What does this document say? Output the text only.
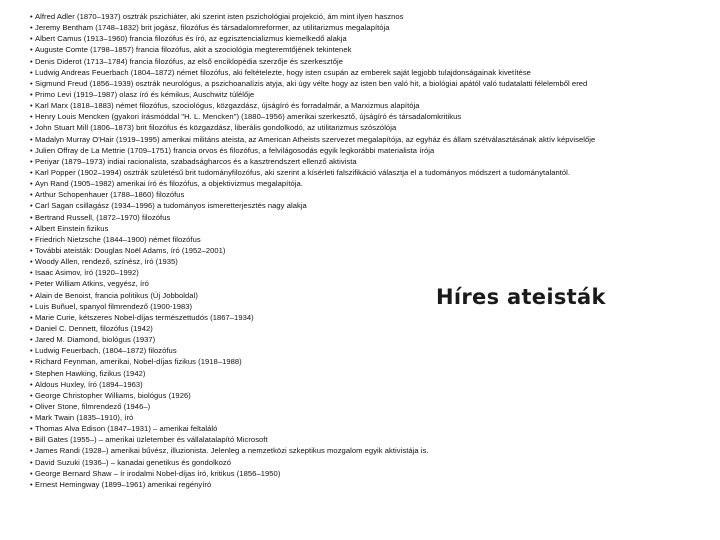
• Alfred Adler (1870–1937) osztrák pszichiáter, aki szerint isten pszichológiai projekció, ám mint ilyen hasznos
• Jeremy Bentham (1748–1832) brit jogász, filozófus és társadalomreformer, az utilitarizmus megalapítója
• Albert Camus (1913–1960) francia filozófus és író, az egzisztencializmus kiemelkedő alakja
• Auguste Comte (1798–1857) francia filozófus, akit a szociológia megteremtőjének tekintenek
• Denis Diderot (1713–1784) francia filozófus, az első enciklopédia szerzője és szerkesztője
• Ludwig Andreas Feuerbach (1804–1872) német filozófus, aki feltételezte, hogy isten csupán az emberek saját legjobb tulajdonságainak kivetítése
• Sigmund Freud (1856–1939) osztrák neurológus, a pszichoanalízis atyja, aki úgy vélte hogy az isten ben való hit, a biológiai apától való tudatalatti félelemből ered
• Primo Levi (1919–1987) olasz író és kémikus, Auschwitz túlélője
• Karl Marx (1818–1883) német filozófus, szociológus, közgazdász, újságíró és forradalmár, a Marxizmus alapítója
• Henry Louis Mencken (gyakori írásmóddal "H. L. Mencken") (1880–1956) amerikai szerkesztő, újságíró és társadalomkritikus
• John Stuart Mill (1806–1873) brit filozófus és közgazdász, liberális gondolkodó, az utilitarizmus szószólója
• Madalyn Murray O'Hair (1919–1995) amerikai militáns ateista, az American Atheists szervezet megalapítója, az egyház és állam szétválasztásának aktív képviselője
• Julien Offray de La Mettrie (1709–1751) francia orvos és filozófus, a felvilágosodás egyik legkorábbi materialista írója
• Periyar (1879–1973) indiai racionalista, szabadságharcos és a kasztrendszert ellenző aktivista
• Karl Popper (1902–1994) osztrák születésű brit tudományfilozófus, aki szerint a kísérleti falszifikáció választja el a tudományos módszert a tudománytalantól.
• Ayn Rand (1905–1982) amerikai író és filozófus, a objektivizmus megalapítója.
• Arthur Schopenhauer (1788–1860) filozófus
• Carl Sagan csillagász (1934–1996) a tudományos ismeretterjesztés nagy alakja
• Bertrand Russell, (1872–1970) filozófus
• Albert Einstein fizikus
• Friedrich Nietzsche (1844–1900) német filozófus
• További ateisták: Douglas Noël Adams, író (1952–2001)
• Woody Allen, rendező, színész, író (1935)
• Isaac Asimov, író (1920–1992)
• Peter William Atkins, vegyész, író
• Alain de Benoist, francia politikus (Új Jobboldal)
• Luis Buñuel, spanyol filmrendező (1900-1983)
• Marie Curie, kétszeres Nobel-díjas természettudós (1867–1934)
• Daniel C. Dennett, filozófus (1942)
• Jared M. Diamond, biológus (1937)
• Ludwig Feuerbach, (1804–1872) filozófus
• Richard Feynman, amerikai, Nobel-díjas fizikus (1918–1988)
• Stephen Hawking, fizikus (1942)
• Aldous Huxley, író (1894–1963)
• George Christopher Williams, biológus (1926)
• Oliver Stone, filmrendező (1946–)
• Mark Twain (1835–1910), író
• Thomas Alva Edison (1847–1931) – amerikai feltaláló
• Bill Gates (1955–) – amerikai üzletember és vállalatalapító Microsoft
• James Randi (1928–) amerikai bűvész, illuzionista. Jelenleg a nemzetközi szkeptikus mozgalom egyik aktivistája is.
• David Suzuki (1936–) – kanadai genetikus és gondolkozó
• George Bernard Shaw – ír irodalmi Nobel-díjas író, kritikus (1856–1950)
• Ernest Hemingway (1899–1961) amerikai regényíró
Híres ateisták
